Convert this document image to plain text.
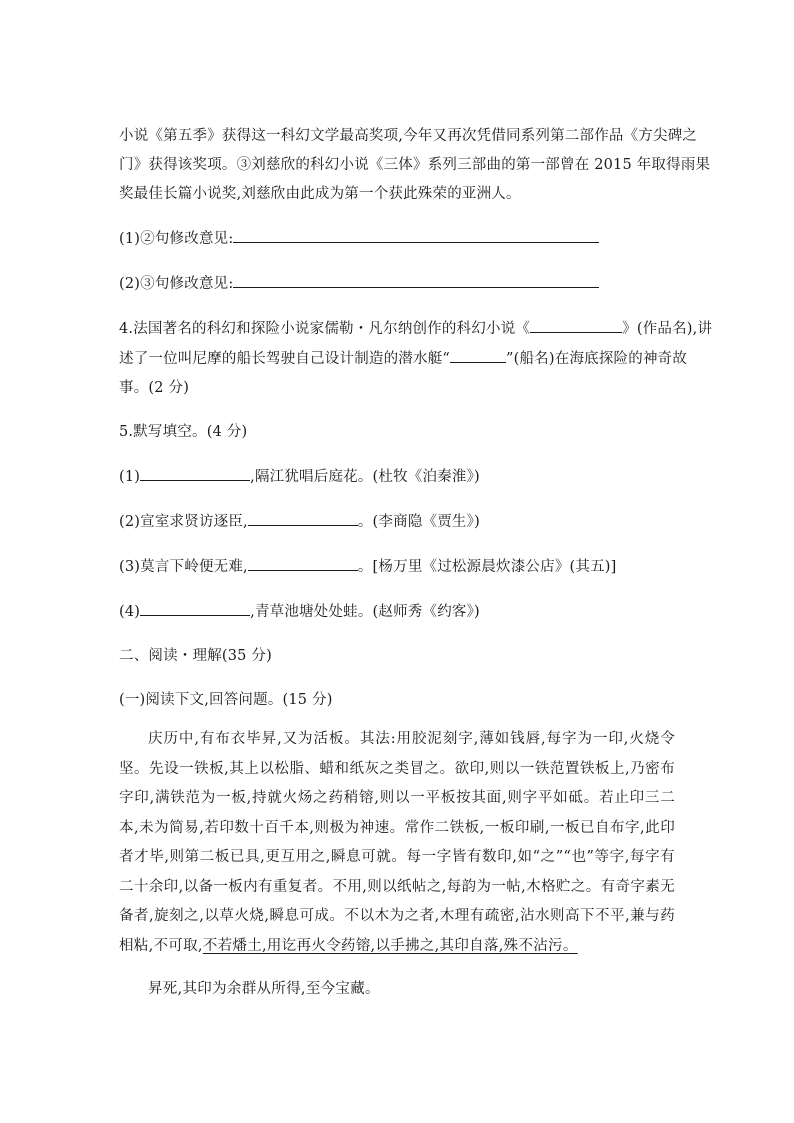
小说《第五季》获得这一科幻文学最高奖项,今年又再次凭借同系列第二部作品《方尖碑之
门》获得该奖项。③刘慈欣的科幻小说《三体》系列三部曲的第一部曾在 2015 年取得雨果
奖最佳长篇小说奖,刘慈欣由此成为第一个获此殊荣的亚洲人。
(1)②句修改意见:
(2)③句修改意见:
4.法国著名的科幻和探险小说家儒勒・凡尔纳创作的科幻小说《	》(作品名),讲
述了一位叫尼摩的船长驾驶自己设计制造的潜水艇“	”(船名)在海底探险的神奇故
事。(2 分)
5.默写填空。(4 分)
(1)	,隔江犹唱后庭花。(杜牧《泊秦淮》)
(2)宣室求贤访逐臣,	。(李商隐《贾生》)
(3)莫言下岭便无难,	。[杨万里《过松源晨炊漆公店》(其五)]
(4)	,青草池塘处处蛙。(赵师秀《约客》)
二、阅读・理解(35 分)
(一)阅读下文,回答问题。(15 分)
庆历中,有布衣毕昇,又为活板。其法:用胶泥刻字,薄如钱唇,每字为一印,火烧令坚。先设一铁板,其上以松脂、蜡和纸灰之类冒之。欲印,则以一铁范置铁板上,乃密布字印,满铁范为一板,持就火炀之药稍镕,则以一平板按其面,则字平如砥。若止印三二本,未为简易,若印数十百千本,则极为神速。常作二铁板,一板印刷,一板已自布字,此印者才毕,则第二板已具,更互用之,瞬息可就。每一字皆有数印,如“之”“也”等字,每字有二十余印,以备一板内有重复者。不用,则以纸帖之,每韵为一帖,木格贮之。有奇字素无备者,旋刻之,以草火烧,瞬息可成。不以木为之者,木理有疏密,沾水则高下不平,兼与药相粘,不可取,不若燔土,用讫再火令药镕,以手拂之,其印自落,殊不沾污。
昇死,其印为余群从所得,至今宝藏。
